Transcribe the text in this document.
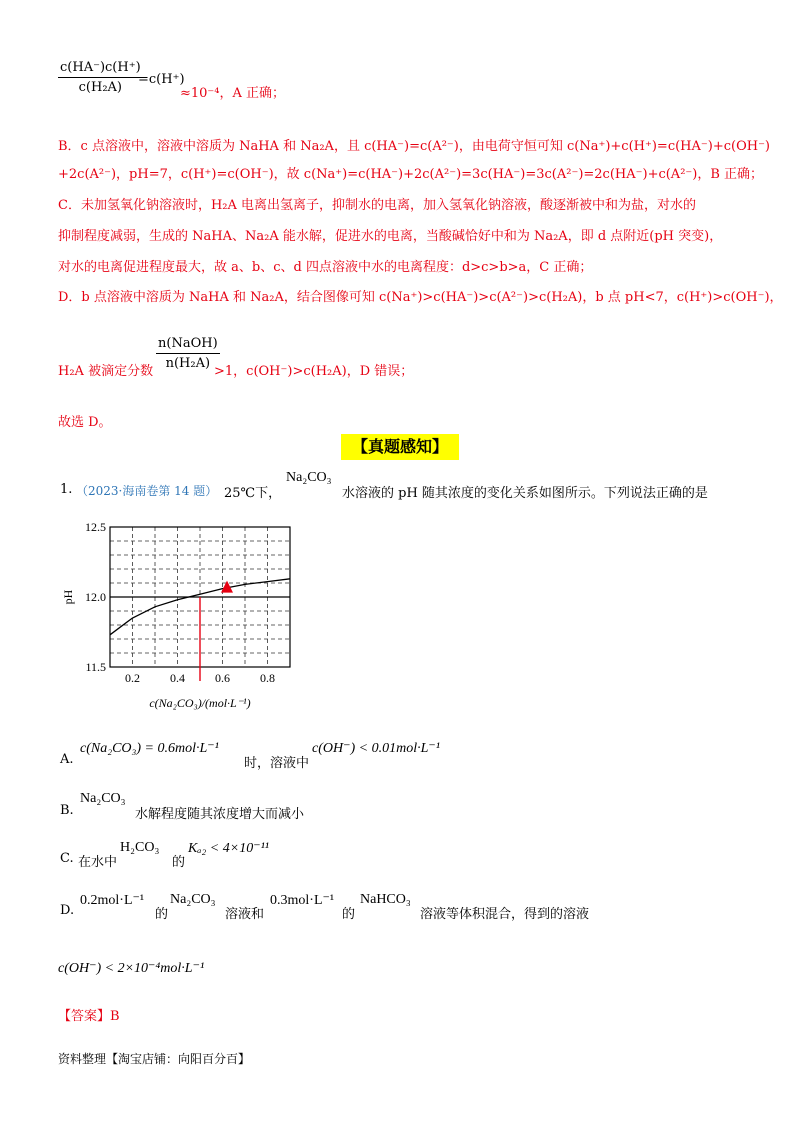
$\frac{c(HA^-)c(H^+)}{\text{c(H₂A)}}$
=c(H⁺)
≈10⁻⁴，A 正确；
B．c 点溶液中，溶液中溶质为 NaHA 和 Na₂A，且 c(HA⁻)=c(A²⁻)，由电荷守恒可知 c(Na⁺)+c(H⁺)=c(HA⁻)+c(OH⁻)
+2c(A²⁻)，pH=7，c(H⁺)=c(OH⁻)，故 c(Na⁺)=c(HA⁻)+2c(A²⁻)=3c(HA⁻)=3c(A²⁻)=2c(HA⁻)+c(A²⁻)，B 正确；
C．未加氢氧化钠溶液时，H₂A 电离出氢离子，抑制水的电离，加入氢氧化钠溶液，酸逐渐被中和为盐，对水的
抑制程度减弱，生成的 NaHA、Na₂A 能水解，促进水的电离，当酸碱恰好中和为 Na₂A，即 d 点附近(pH 突变)，
对水的电离促进程度最大，故 a、b、c、d 四点溶液中水的电离程度：d>c>b>a，C 正确；
D．b 点溶液中溶质为 NaHA 和 Na₂A，结合图像可知 c(Na⁺)>c(HA⁻)>c(A²⁻)>c(H₂A)，b 点 pH<7，c(H⁺)>c(OH⁻)，
H₂A 被滴定分数
n(NaOH)
n(H₂A)
>1，c(OH⁻)>c(H₂A)，D 错误；
故选 D。
【真题感知】
1. （2023·海南卷第 14 题） 25℃下，
Na₂CO₃
水溶液的 pH 随其浓度的变化关系如图所示。下列说法正确的是
0.2	0.4	0.6	0.8
11.5
12.0
12.5
pH
c(Na₂CO₃)/(mol·L⁻¹)
A.
c(Na₂CO₃) = 0.6mol·L⁻¹
时，溶液中
c(OH⁻) < 0.01mol·L⁻¹
B.
Na₂CO₃
水解程度随其浓度增大而减小
C. 在水中
H₂CO₃
的
Kₐ₂ < 4×10⁻¹¹
D.
0.2mol·L⁻¹
的
Na₂CO₃
溶液和
0.3mol·L⁻¹
的
NaHCO₃
溶液等体积混合，得到的溶液
c(OH⁻) < 2×10⁻⁴mol·L⁻¹
【答案】B
资料整理【淘宝店铺：向阳百分百】
